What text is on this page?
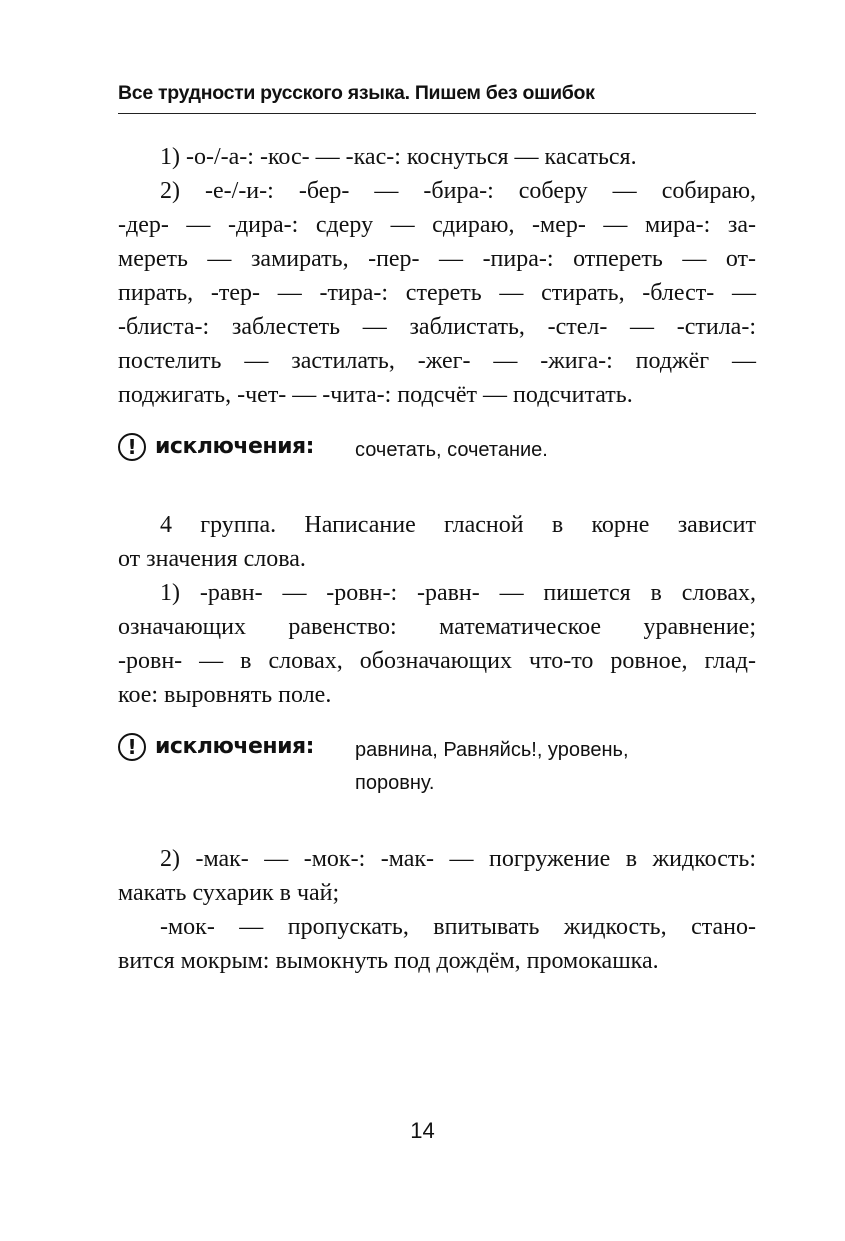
Все трудности русского языка. Пишем без ошибок
1) -о-/-а-: -кос- — -кас-: коснуться — касаться.
2) -е-/-и-: -бер- — -бира-: соберу — собираю,
-дер- — -дира-: сдеру — сдираю, -мер- — мира-: за-
мереть — замирать, -пер- — -пира-: отпереть — от-
пирать, -тер- — -тира-: стереть — стирать, -блест- —
-блиста-: заблестеть — заблистать, -стел- — -стила-:
постелить — застилать, -жег- — -жига-: поджёг —
поджигать, -чет- — -чита-: подсчёт — подсчитать.
! исключения: сочетать, сочетание.
4 группа. Написание гласной в корне зависит
от значения слова.
1) -равн- — -ровн-: -равн- — пишется в словах,
означающих равенство: математическое уравнение;
-ровн- — в словах, обозначающих что-то ровное, глад-
кое: выровнять поле.
! исключения: равнина, Равняйсь!, уровень,
поровну.
2) -мак- — -мок-: -мак- — погружение в жидкость:
макать сухарик в чай;
-мок- — пропускать, впитывать жидкость, стано-
вится мокрым: вымокнуть под дождём, промокашка.
14
